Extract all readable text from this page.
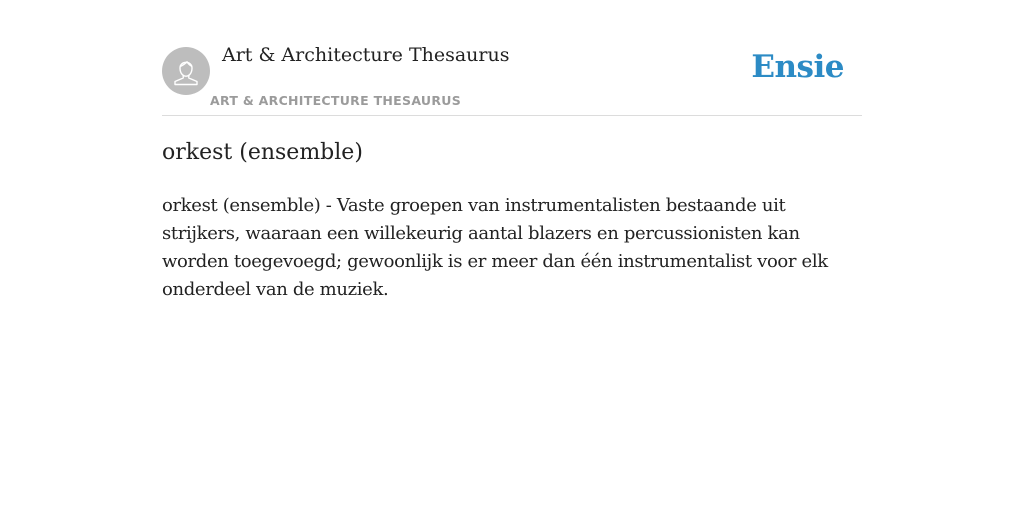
Art & Architecture Thesaurus
ART & ARCHITECTURE THESAURUS
Ensie
orkest (ensemble)

orkest (ensemble) - Vaste groepen van instrumentalisten bestaande uit strijkers, waaraan een willekeurig aantal blazers en percussionisten kan worden toegevoegd; gewoonlijk is er meer dan één instrumentalist voor elk onderdeel van de muziek.
